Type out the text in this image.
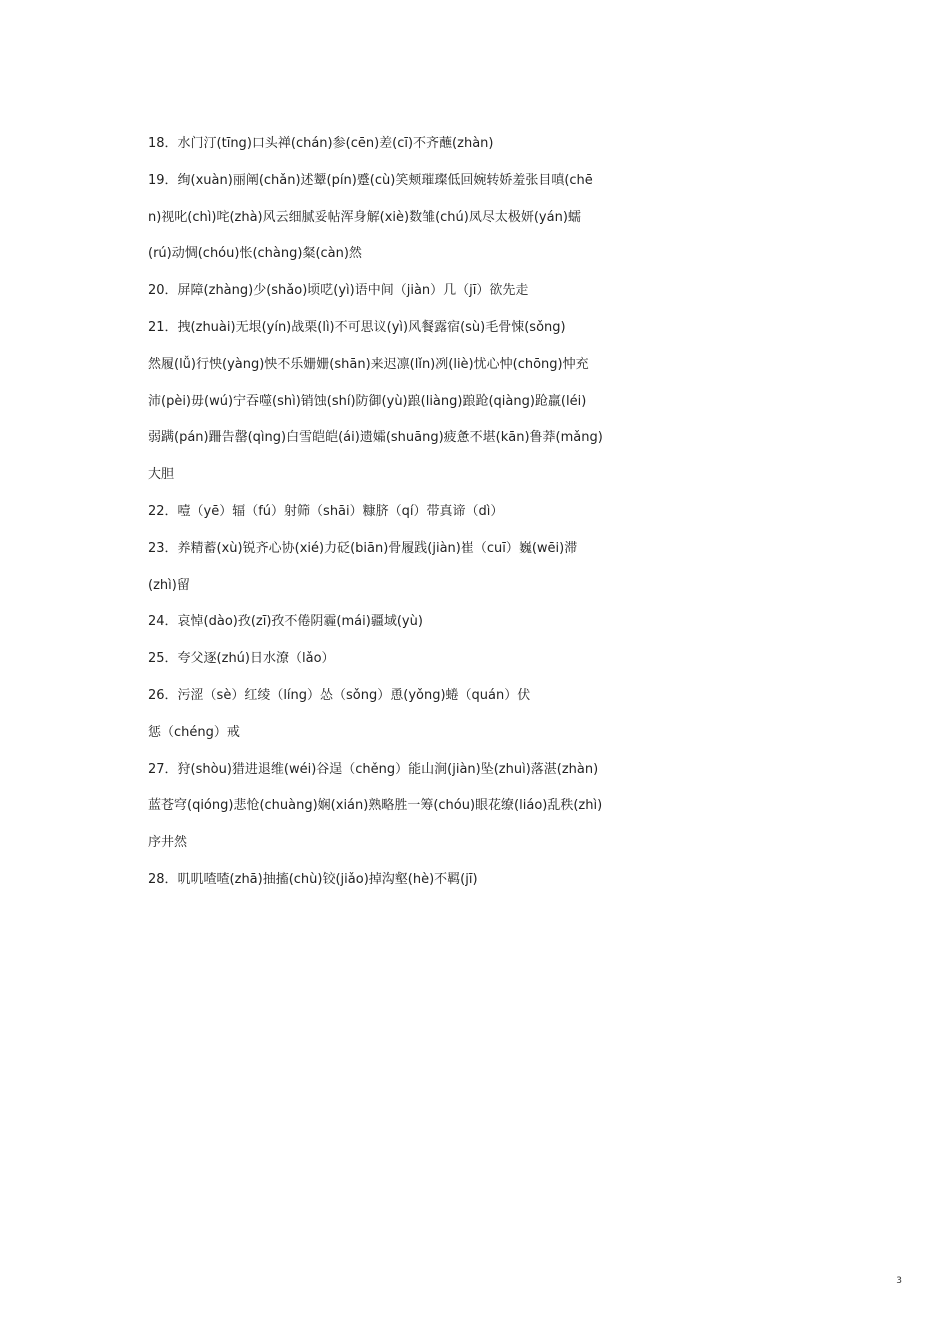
18．水门汀(tīng)口头禅(chán)参(cēn)差(cī)不齐蘸(zhàn)
19．绚(xuàn)丽阐(chǎn)述颦(pín)蹙(cù)笑颊璀璨低回婉转娇羞张目嗔(chē
n)视叱(chì)咤(zhà)风云细腻妥帖浑身解(xiè)数雏(chú)凤尽太极妍(yán)蠕
(rú)动惆(chóu)怅(chàng)粲(càn)然
20．屏障(zhàng)少(shǎo)顷呓(yì)语中间（jiàn）几（jī）欲先走
21．拽(zhuài)无垠(yín)战栗(lì)不可思议(yì)风餐露宿(sù)毛骨悚(sǒng)
然履(lǚ)行怏(yàng)怏不乐姗姗(shān)来迟凛(lǐn)冽(liè)忧心忡(chōng)忡充
沛(pèi)毋(wú)宁吞噬(shì)销蚀(shí)防御(yù)踉(liàng)踉跄(qiàng)跄羸(léi)
弱蹒(pán)跚告罄(qìng)白雪皑皑(ái)遗孀(shuāng)疲惫不堪(kān)鲁莽(mǎng)
大胆
22．噎（yē）辐（fú）射筛（shāi）糠脐（qí）带真谛（dì）
23．养精蓄(xù)锐齐心协(xié)力砭(biān)骨履践(jiàn)崔（cuī）巍(wēi)滞
(zhì)留
24．哀悼(dào)孜(zī)孜不倦阴霾(mái)疆域(yù)
25．夸父逐(zhú)日水潦（lǎo）
26．污涩（sè）红绫（líng）怂（sǒng）恿(yǒng)蜷（quán）伏
惩（chéng）戒
27．狩(shòu)猎进退维(wéi)谷逞（chěng）能山涧(jiàn)坠(zhuì)落湛(zhàn)
蓝苍穹(qióng)悲怆(chuàng)娴(xián)熟略胜一筹(chóu)眼花缭(liáo)乱秩(zhì)
序井然
28．叽叽喳喳(zhā)抽搐(chù)铰(jiǎo)掉沟壑(hè)不羁(jī)
3
